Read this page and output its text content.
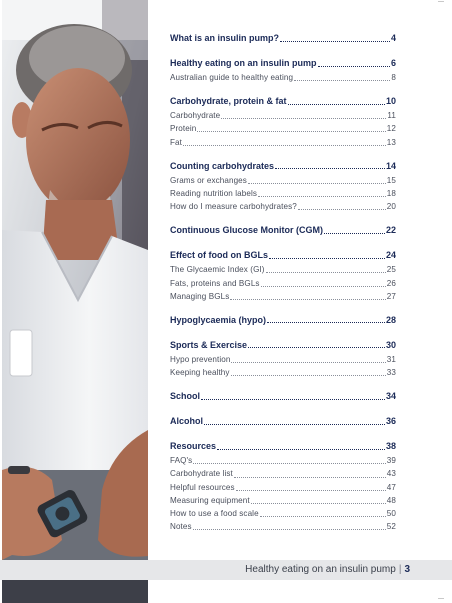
What is an insulin pump?	4
Healthy eating on an insulin pump	6
Australian guide to healthy eating	8
Carbohydrate, protein & fat	10
Carbohydrate	11
Protein	12
Fat	13
Counting carbohydrates	14
Grams or exchanges	15
Reading nutrition labels	18
How do I measure carbohydrates?	20
Continuous Glucose Monitor (CGM)	22
Effect of food on BGLs	24
The Glycaemic Index (GI)	25
Fats, proteins and BGLs	26
Managing BGLs	27
Hypoglycaemia (hypo)	28
Sports & Exercise	30
Hypo prevention	31
Keeping healthy	33
School	34
Alcohol	36
Resources	38
FAQ's	39
Carbohydrate list	43
Helpful resources	47
Measuring equipment	48
How to use a food scale	50
Notes	52
Healthy eating on an insulin pump | 3
